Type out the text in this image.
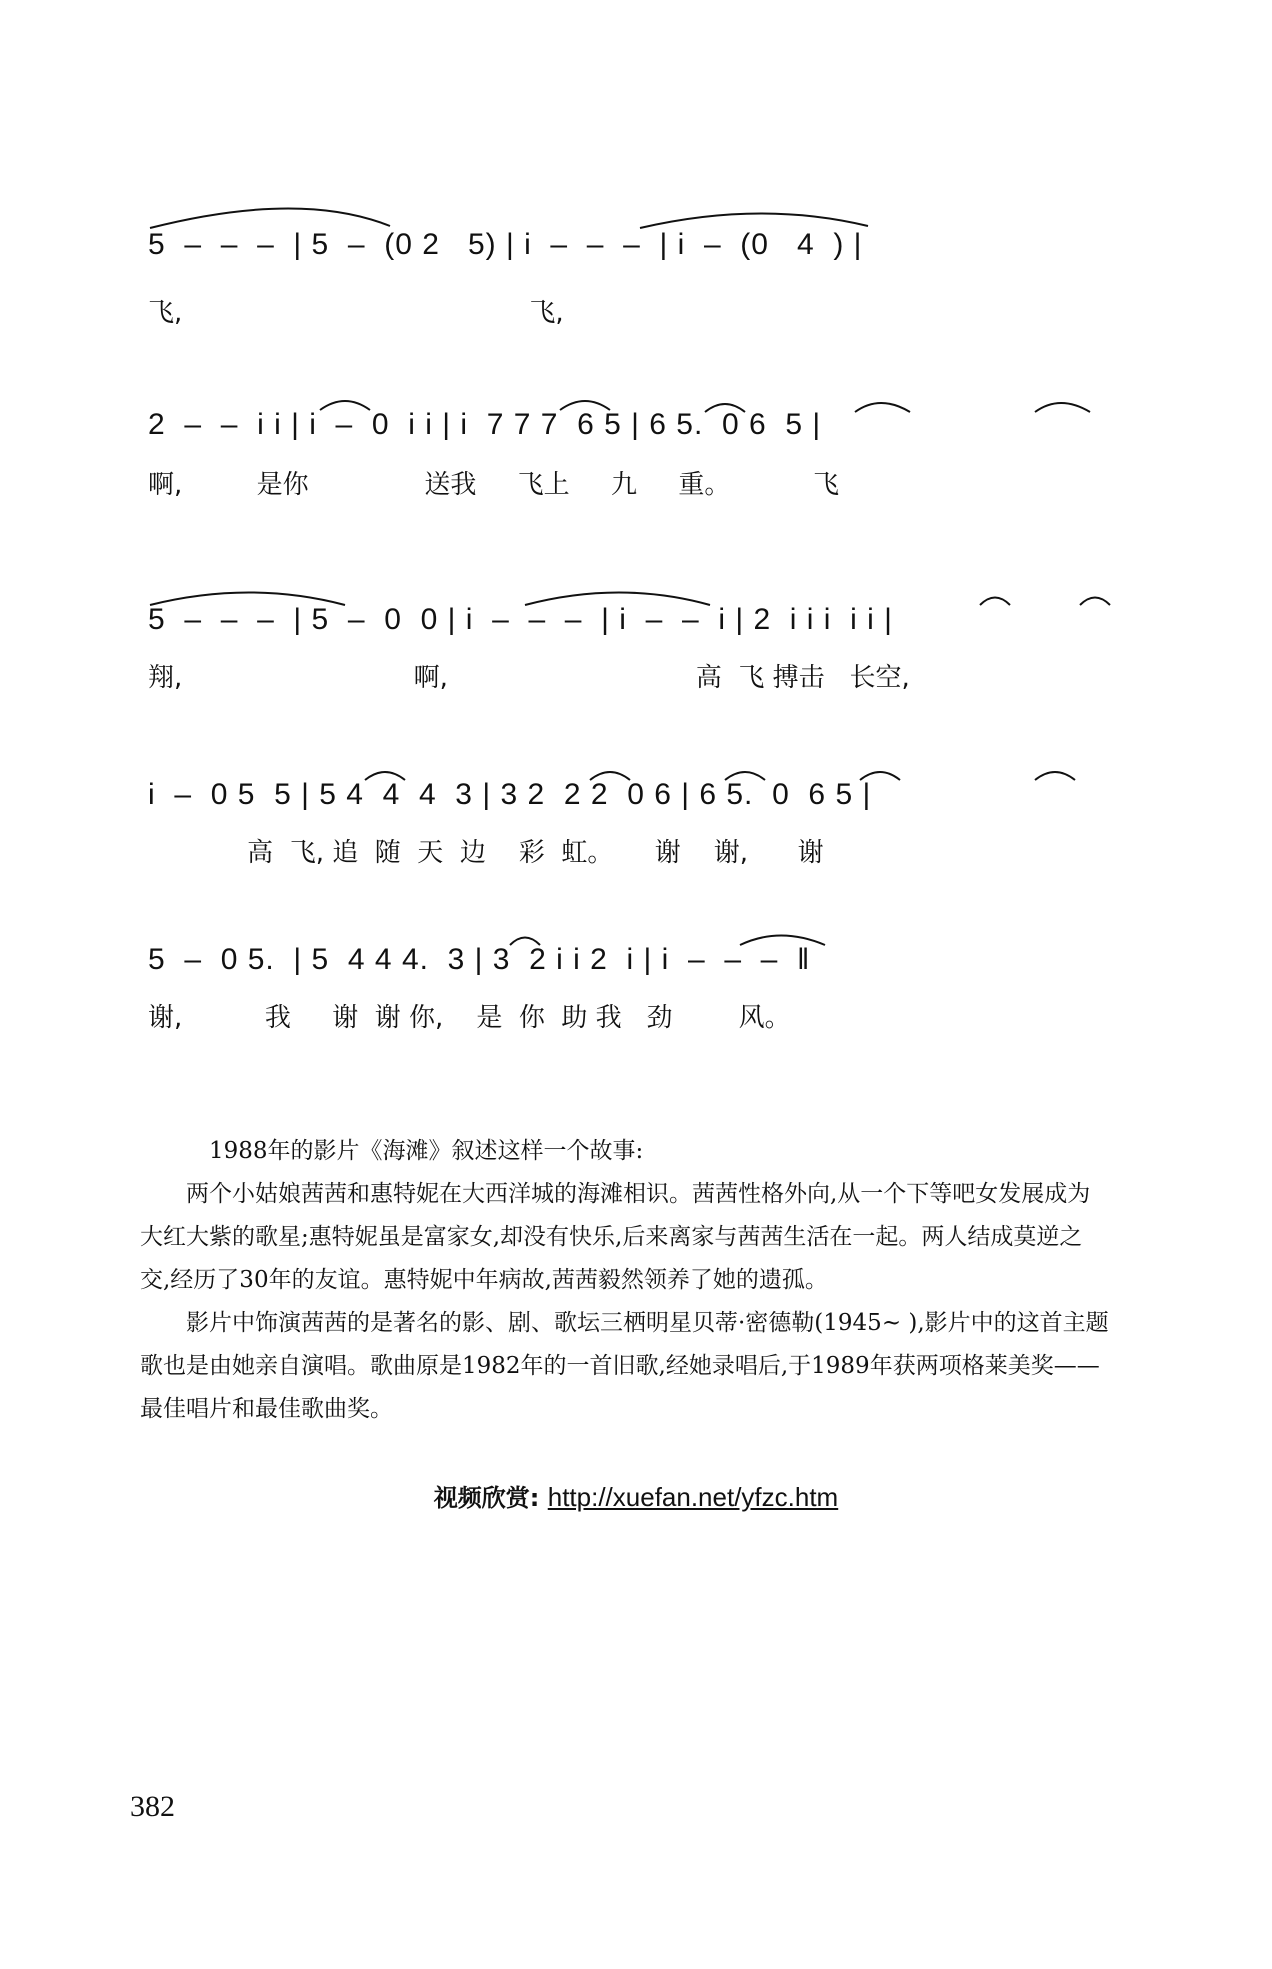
5  –  –  –  | 5  –  (0 2   5) | i  –  –  –  | i  –  (0   4  ) |
飞,                                          飞,
2  –  –  i i | i  –  0  i i | i  7 7 7  6 5 | 6 5.  0 6  5 |
啊,         是你              送我     飞上     九     重。          飞
5  –  –  –  | 5  –  0  0 | i  –  –  –  | i  –  –  i | 2  i i i  i i |
翔,                            啊,                              高  飞 搏击   长空,
i  –  0 5  5 | 5 4  4  4  3 | 3 2  2 2  0 6 | 6 5.  0  6 5 |
高  飞, 追  随  天  边    彩  虹。     谢    谢,      谢
5  –  0 5.  | 5  4 4 4.  3 | 3  2 i i 2  i | i  –  –  –  ‖
谢,          我     谢  谢 你,    是  你  助 我   劲        风。

1988年的影片《海滩》叙述这样一个故事:

两个小姑娘茜茜和惠特妮在大西洋城的海滩相识。茜茜性格外向,从一个下等吧女发展成为大红大紫的歌星;惠特妮虽是富家女,却没有快乐,后来离家与茜茜生活在一起。两人结成莫逆之交,经历了30年的友谊。惠特妮中年病故,茜茜毅然领养了她的遗孤。

影片中饰演茜茜的是著名的影、剧、歌坛三栖明星贝蒂·密德勒(1945~ ),影片中的这首主题歌也是由她亲自演唱。歌曲原是1982年的一首旧歌,经她录唱后,于1989年获两项格莱美奖——最佳唱片和最佳歌曲奖。

视频欣赏: http://xuefan.net/yfzc.htm
382
